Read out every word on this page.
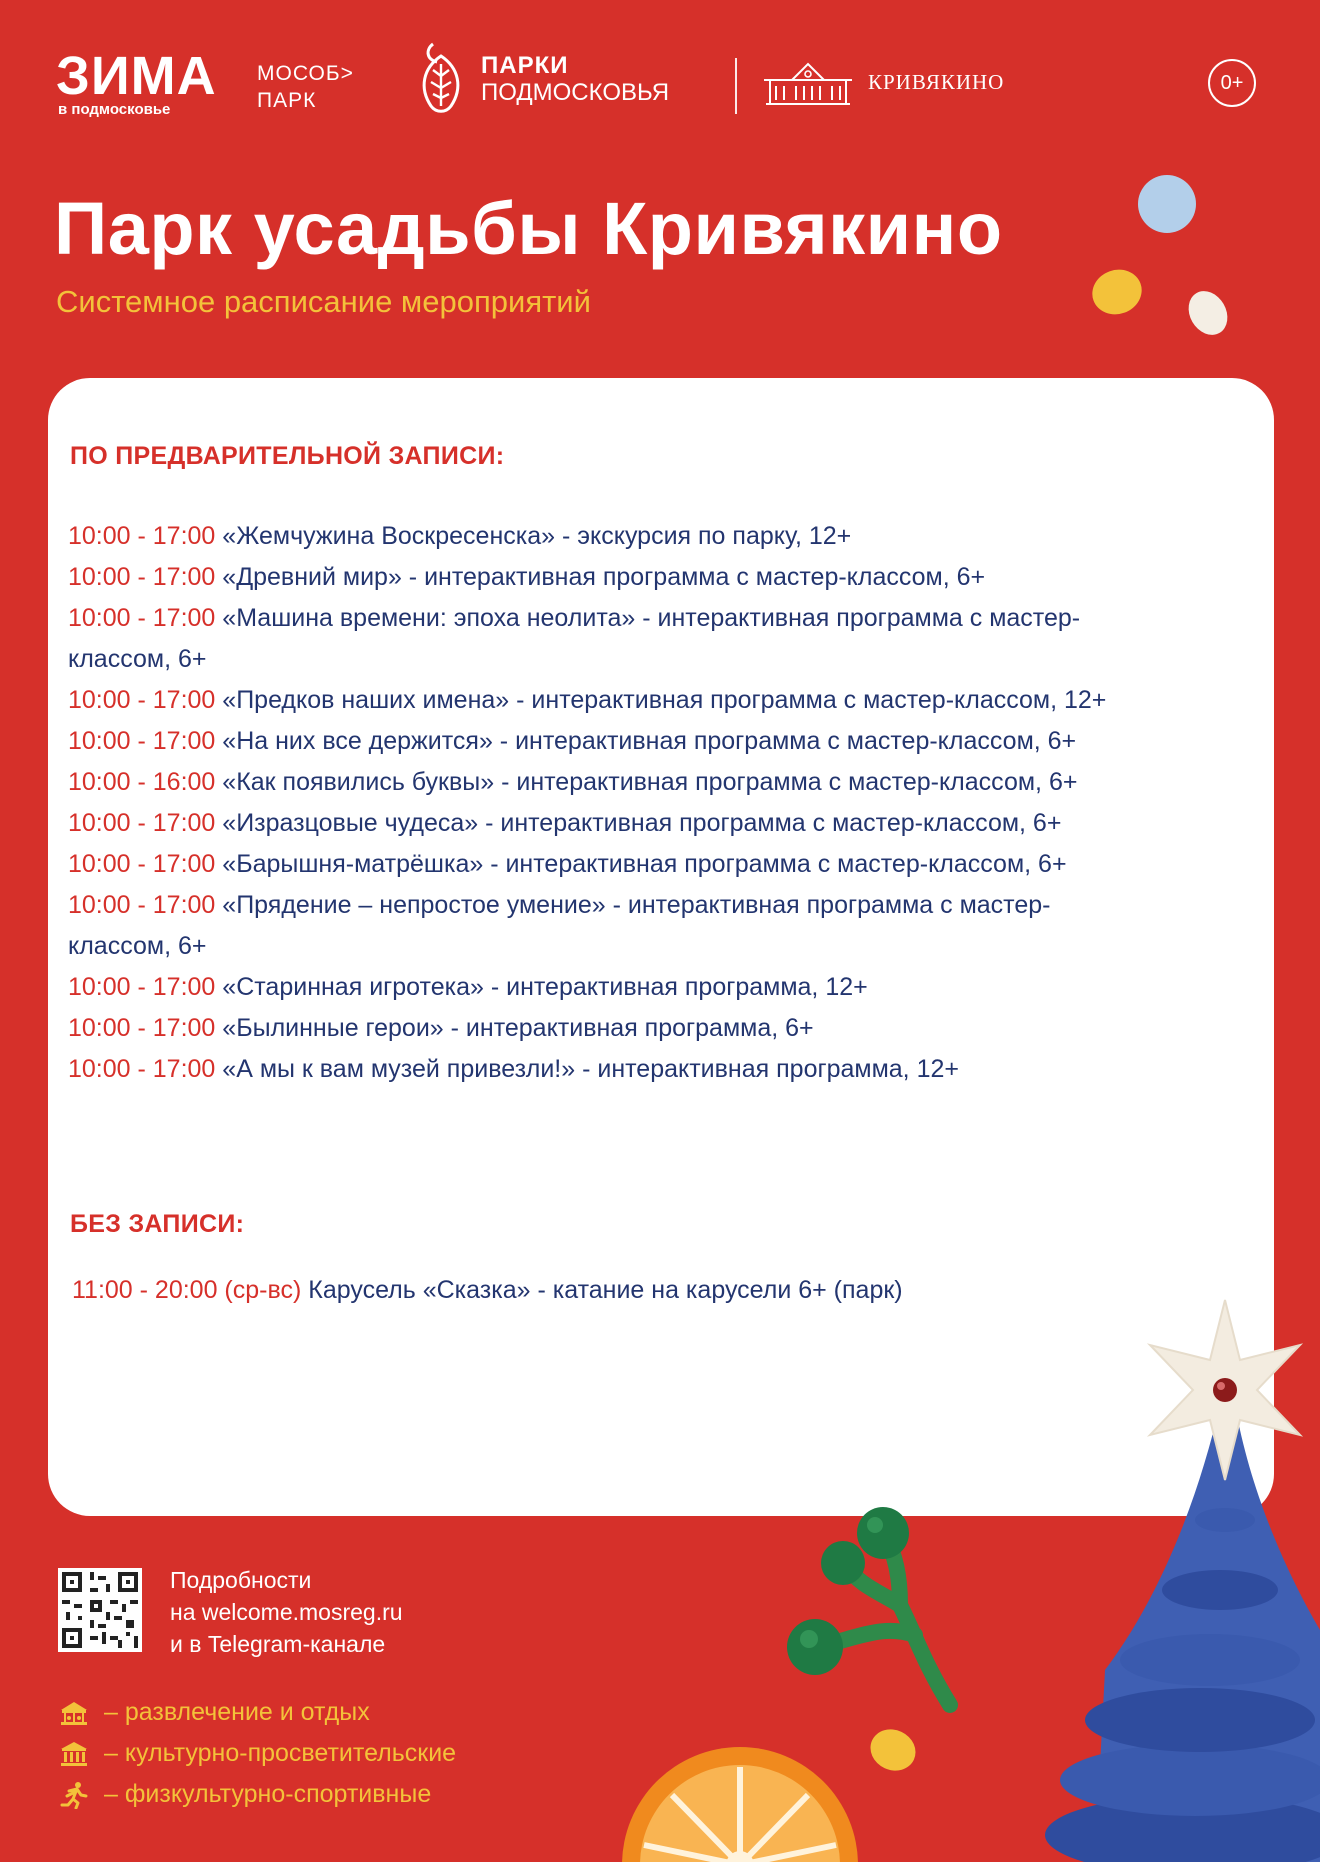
ЗИМА
в подмосковье
МОСОБ>
ПАРК
ПАРКИ
ПОДМОСКОВЬЯ	КРИВЯКИНО	0+
Парк усадьбы Кривякино

Системное расписание мероприятий

ПО ПРЕДВАРИТЕЛЬНОЙ ЗАПИСИ:
10:00 - 17:00 «Жемчужина Воскресенска» - экскурсия по парку, 12+
10:00 - 17:00 «Древний мир» - интерактивная программа с мастер-классом, 6+
10:00 - 17:00 «Машина времени: эпоха неолита» - интерактивная программа с мастер-классом, 6+
10:00 - 17:00 «Предков наших имена» - интерактивная программа с мастер-классом, 12+
10:00 - 17:00 «На них все держится» - интерактивная программа с мастер-классом, 6+
10:00 - 16:00 «Как появились буквы» - интерактивная программа с мастер-классом, 6+
10:00 - 17:00 «Изразцовые чудеса» - интерактивная программа с мастер-классом, 6+
10:00 - 17:00 «Барышня-матрёшка» - интерактивная программа с мастер-классом, 6+
10:00 - 17:00 «Прядение – непростое умение» - интерактивная программа с мастер-классом, 6+
10:00 - 17:00 «Старинная игротека» - интерактивная программа, 12+
10:00 - 17:00 «Былинные герои» - интерактивная программа, 6+
10:00 - 17:00 «А мы к вам музей привезли!» - интерактивная программа, 12+
БЕЗ ЗАПИСИ:
11:00 - 20:00 (ср-вс) Карусель «Сказка» - катание на карусели 6+ (парк)
Подробности
на welcome.mosreg.ru
и в Telegram-канале
– развлечение и отдых
– культурно-просветительские
– физкультурно-спортивные
